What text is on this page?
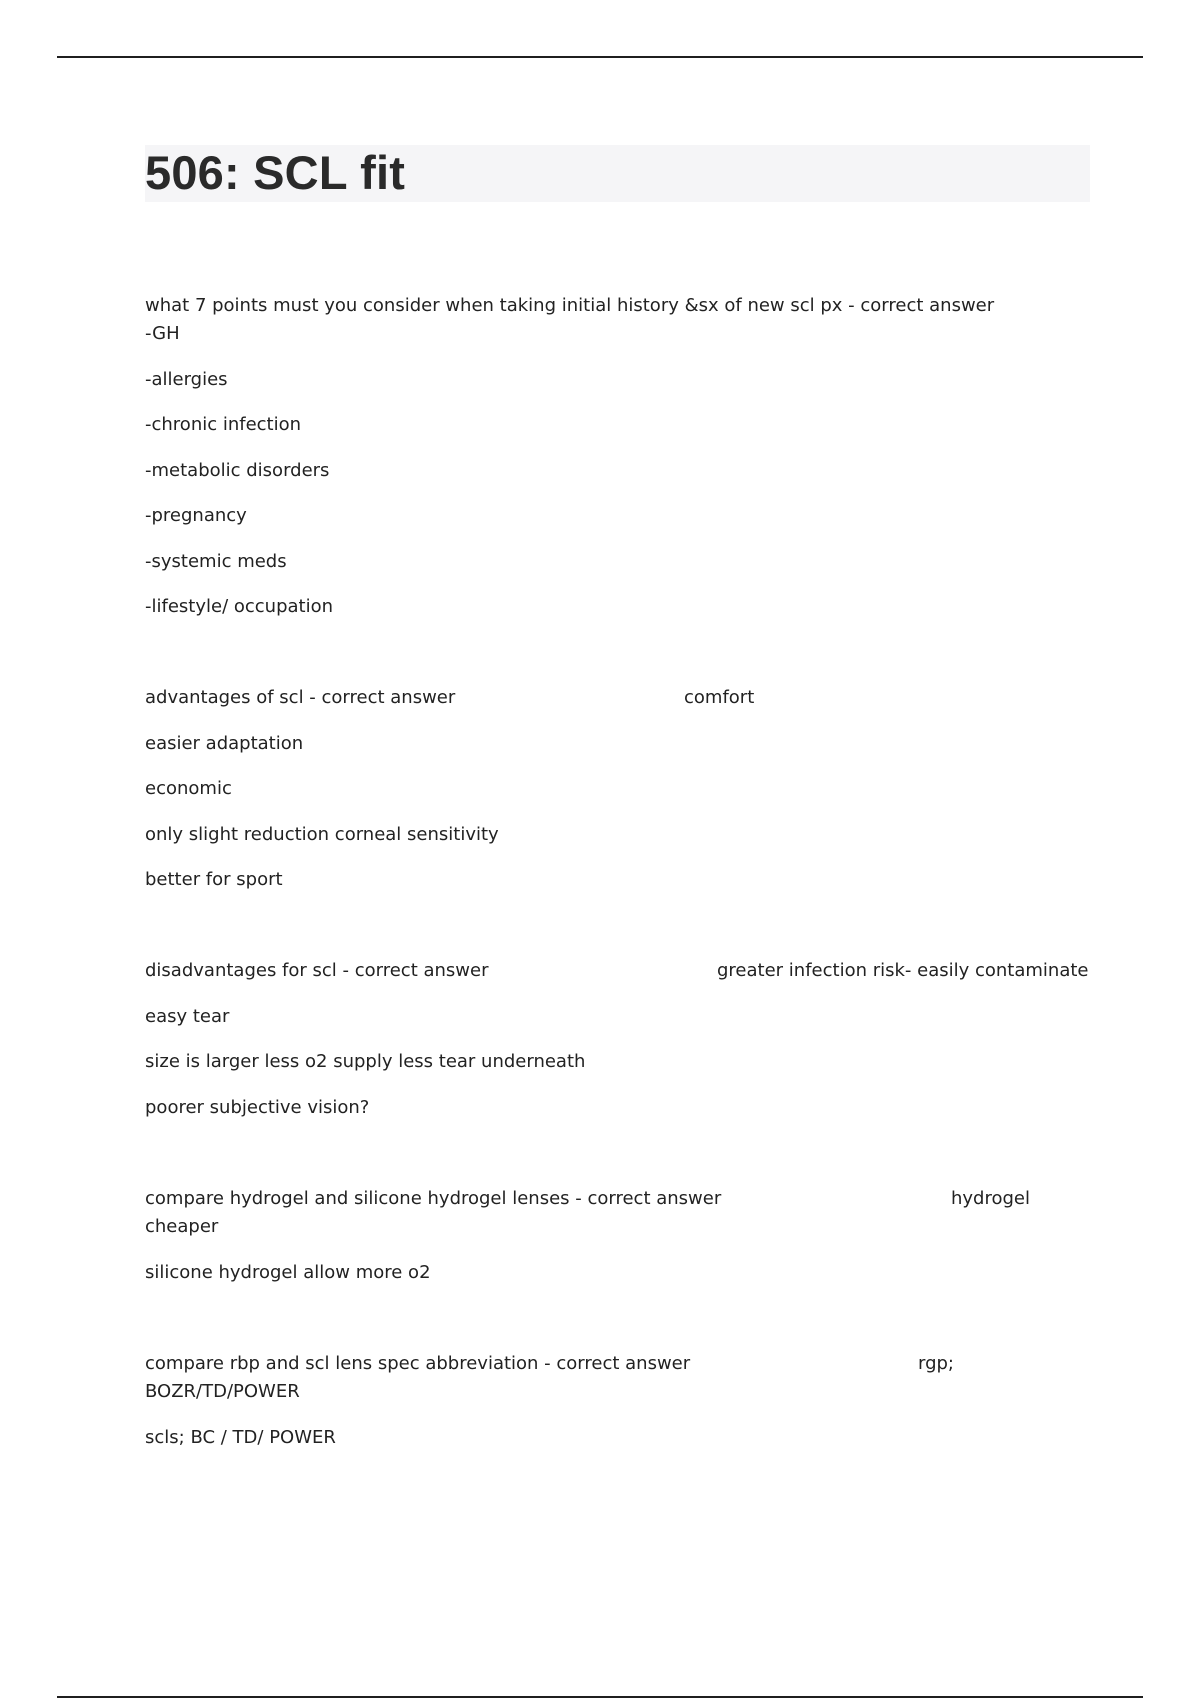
506: SCL fit

what 7 points must you consider when taking initial history &sx of new scl px - correct answer

-GH

-allergies

-chronic infection

-metabolic disorders

-pregnancy

-systemic meds

-lifestyle/ occupation

advantages of scl - correct answer	comfort

easier adaptation

economic

only slight reduction corneal sensitivity

better for sport

disadvantages for scl - correct answer	greater infection risk- easily contaminate

easy tear

size is larger less o2 supply less tear underneath

poorer subjective vision?

compare hydrogel and silicone hydrogel lenses - correct answer	hydrogel

cheaper

silicone hydrogel allow more o2

compare rbp and scl lens spec abbreviation - correct answer	rgp;

BOZR/TD/POWER

scls; BC / TD/ POWER
